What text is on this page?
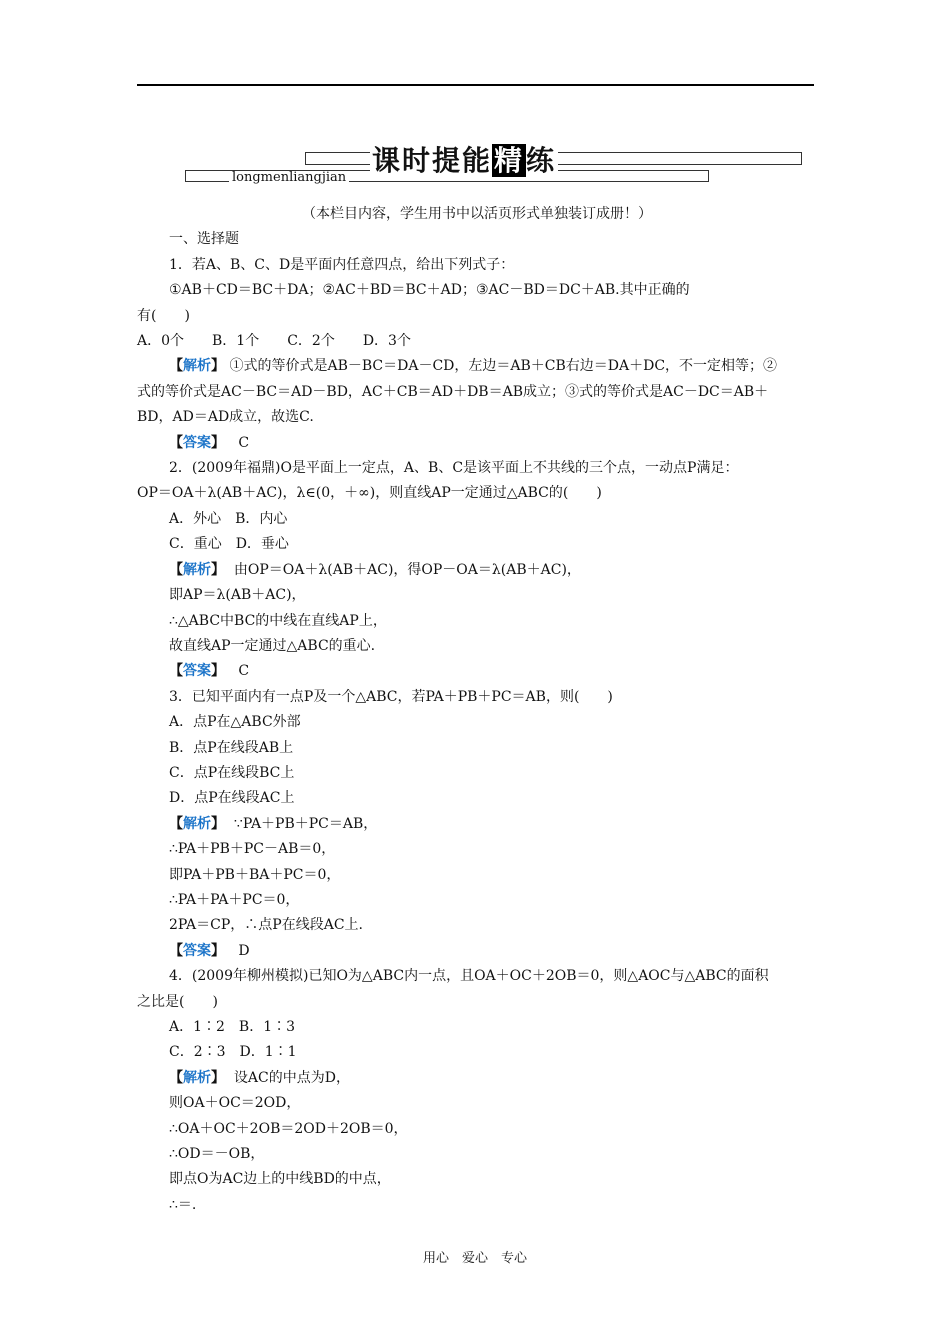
课时提能精练
longmenliangjian

（本栏目内容，学生用书中以活页形式单独装订成册！）

一、选择题

1．若A、B、C、D是平面内任意四点，给出下列式子：

①AB＋CD＝BC＋DA；②AC＋BD＝BC＋AD；③AC－BD＝DC＋AB.其中正确的

有(　　)

A．0个　　B．1个　　C．2个　　D．3个

【解析】 ①式的等价式是AB－BC＝DA－CD，左边＝AB＋CB右边＝DA＋DC，不一定相等；②

式的等价式是AC－BC＝AD－BD，AC＋CB＝AD＋DB＝AB成立；③式的等价式是AC－DC＝AB＋

BD，AD＝AD成立，故选C.

【答案】 C

2．(2009年福鼎)O是平面上一定点，A、B、C是该平面上不共线的三个点，一动点P满足：

OP＝OA＋λ(AB＋AC)，λ∈(0，＋∞)，则直线AP一定通过△ABC的(　　)

A．外心　B．内心

C．重心　D．垂心

【解析】 由OP＝OA＋λ(AB＋AC)，得OP－OA＝λ(AB＋AC)，

即AP＝λ(AB＋AC)，

∴△ABC中BC的中线在直线AP上，

故直线AP一定通过△ABC的重心.

【答案】 C

3．已知平面内有一点P及一个△ABC，若PA＋PB＋PC＝AB，则(　　)

A．点P在△ABC外部

B．点P在线段AB上

C．点P在线段BC上

D．点P在线段AC上

【解析】 ∵PA＋PB＋PC＝AB，

∴PA＋PB＋PC－AB＝0，

即PA＋PB＋BA＋PC＝0，

∴PA＋PA＋PC＝0，

2PA＝CP，∴点P在线段AC上.

【答案】 D

4．(2009年柳州模拟)已知O为△ABC内一点，且OA＋OC＋2OB＝0，则△AOC与△ABC的面积

之比是(　　)

A．1∶2　B．1∶3

C．2∶3　D．1∶1

【解析】 设AC的中点为D，

则OA＋OC＝2OD，

∴OA＋OC＋2OB＝2OD＋2OB＝0，

∴OD＝－OB，

即点O为AC边上的中线BD的中点，

∴＝.

用心　爱心　专心
